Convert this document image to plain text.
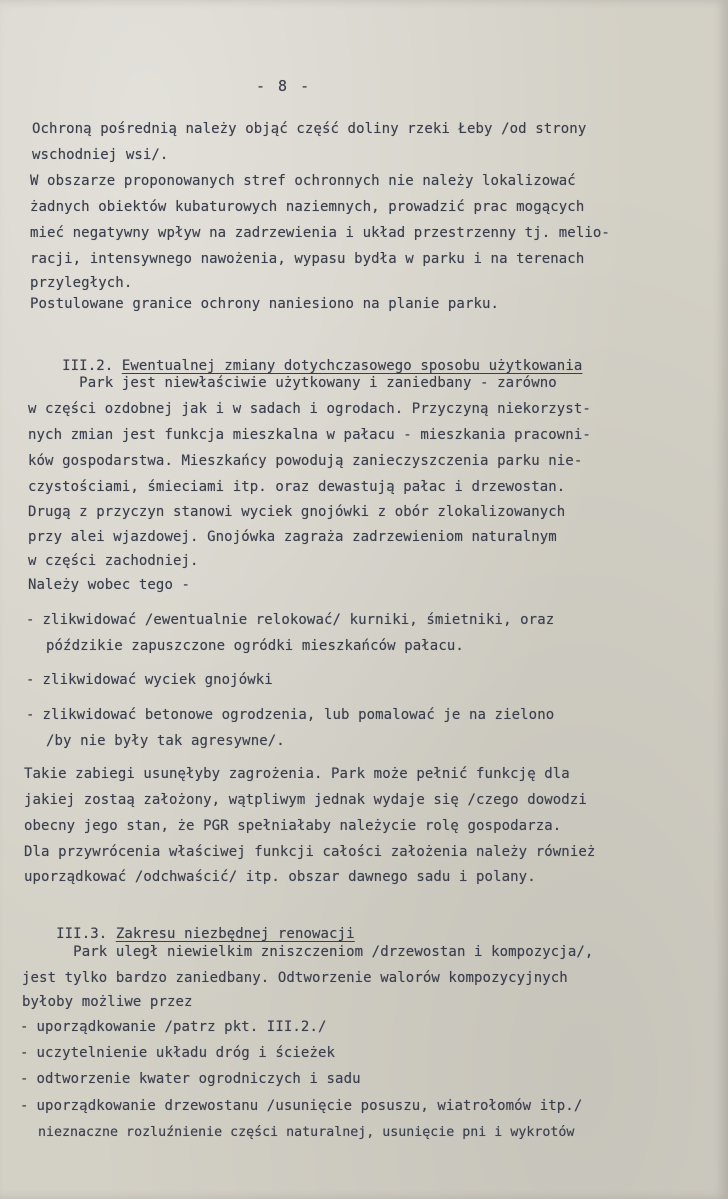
- 8 -
Ochroną pośrednią należy objąć część doliny rzeki Łeby /od strony
wschodniej wsi/.
W obszarze proponowanych stref ochronnych nie należy lokalizować
żadnych obiektów kubaturowych naziemnych, prowadzić prac mogących
mieć negatywny wpływ na zadrzewienia i układ przestrzenny tj. melio-
racji, intensywnego nawożenia, wypasu bydła w parku i na terenach
przyległych.
Postulowane granice ochrony naniesiono na planie parku.

III.2. Ewentualnej zmiany dotychczasowego sposobu użytkowania

Park jest niewłaściwie użytkowany i zaniedbany - zarówno
w części ozdobnej jak i w sadach i ogrodach. Przyczyną niekorzyst-
nych zmian jest funkcja mieszkalna w pałacu - mieszkania pracowni-
ków gospodarstwa. Mieszkańcy powodują zanieczyszczenia parku nie-
czystościami, śmieciami itp. oraz dewastują pałac i drzewostan.
Drugą z przyczyn stanowi wyciek gnojówki z obór zlokalizowanych
przy alei wjazdowej. Gnojówka zagraża zadrzewieniom naturalnym
w części zachodniej.
Należy wobec tego -
- zlikwidować /ewentualnie relokować/ kurniki, śmietniki, oraz
póździkie zapuszczone ogródki mieszkańców pałacu.
- zlikwidować wyciek gnojówki
- zlikwidować betonowe ogrodzenia, lub pomalować je na zielono
/by nie były tak agresywne/.
Takie zabiegi usunęłyby zagrożenia. Park może pełnić funkcję dla
jakiej zostaą założony, wątpliwym jednak wydaje się /czego dowodzi
obecny jego stan, że PGR spełniałaby należycie rolę gospodarza.
Dla przywrócenia właściwej funkcji całości założenia należy również
uporządkować /odchwaścić/ itp. obszar dawnego sadu i polany.

III.3. Zakresu niezbędnej renowacji

Park uległ niewielkim zniszczeniom /drzewostan i kompozycja/,
jest tylko bardzo zaniedbany. Odtworzenie walorów kompozycyjnych
byłoby możliwe przez
- uporządkowanie /patrz pkt. III.2./
- uczytelnienie układu dróg i ścieżek
- odtworzenie kwater ogrodniczych i sadu
- uporządkowanie drzewostanu /usunięcie posuszu, wiatrołomów itp./
nieznaczne rozluźnienie części naturalnej, usunięcie pni i wykrotów
